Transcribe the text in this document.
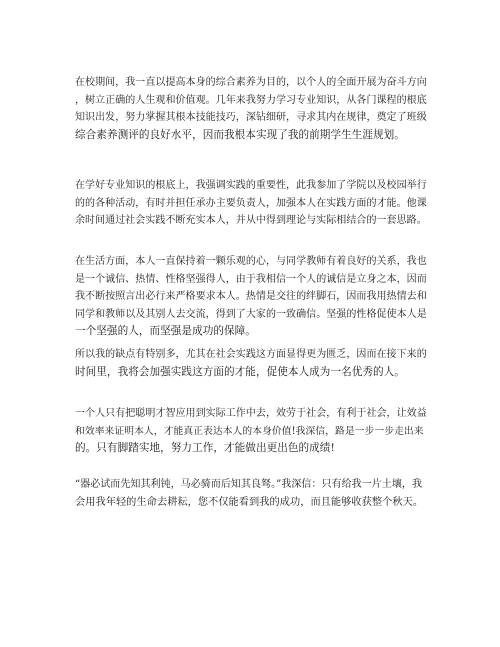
在校期间，我一直以提高本身的综合素养为目的，以个人的全面开展为奋斗方向
，树立正确的人生观和价值观。几年来我努力学习专业知识，从各门课程的根底
知识出发，努力掌握其根本技能技巧，深钻细研，寻求其内在规律，奠定了班级
综合素养测评的良好水平，因而我根本实现了我的前期学生生涯规划。
在学好专业知识的根底上，我强调实践的重要性，此我参加了学院以及校园举行
的的各种活动，有时并担任承办主要负责人，加强本人在实践方面的才能。他课
余时间通过社会实践不断充实本人，并从中得到理论与实际相结合的一套思路。
在生活方面，本人一直保持着一颗乐观的心，与同学教师有着良好的关系，我也
是一个诚信、热情、性格坚强得人，由于我相信一个人的诚信是立身之本，因而
我不断按照言出必行来严格要求本人。热情是交往的绊脚石，因而我用热情去和
同学和教师以及其别人去交流，得到了大家的一致确信。坚强的性格促使本人是
一个坚强的人，而坚强是成功的保障。
所以我的缺点有特别多，尤其在社会实践这方面显得更为匮乏，因而在接下来的
时间里，我将会加强实践这方面的才能，促使本人成为一名优秀的人。
一个人只有把聪明才智应用到实际工作中去，效劳于社会，有利于社会，让效益
和效率来证明本人，才能真正表达本人的本身价值!我深信，路是一步一步走出来
的。只有脚踏实地，努力工作，才能做出更出色的成绩!
“器必试而先知其利钝，马必骑而后知其良驽。”我深信：只有给我一片土壤，我
会用我年轻的生命去耕耘，您不仅能看到我的成功，而且能够收获整个秋天。
